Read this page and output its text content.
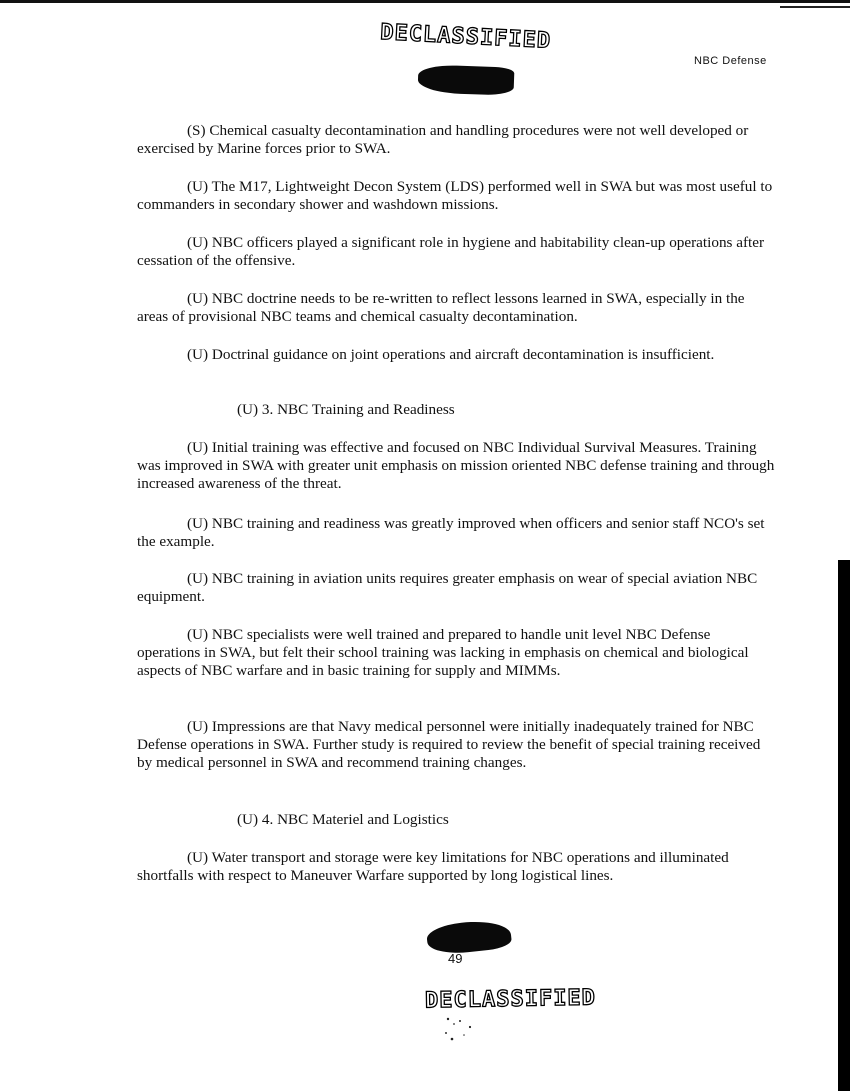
DECLASSIFIED
NBC Defense

(S) Chemical casualty decontamination and handling procedures were not well developed or exercised by Marine forces prior to SWA.

(U) The M17, Lightweight Decon System (LDS) performed well in SWA but was most useful to commanders in secondary shower and washdown missions.

(U) NBC officers played a significant role in hygiene and habitability clean-up operations after cessation of the offensive.

(U) NBC doctrine needs to be re-written to reflect lessons learned in SWA, especially in the areas of provisional NBC teams and chemical casualty decontamination.

(U) Doctrinal guidance on joint operations and aircraft decontamination is insufficient.

(U) 3. NBC Training and Readiness

(U) Initial training was effective and focused on NBC Individual Survival Measures. Training was improved in SWA with greater unit emphasis on mission oriented NBC defense training and through increased awareness of the threat.

(U) NBC training and readiness was greatly improved when officers and senior staff NCO's set the example.

(U) NBC training in aviation units requires greater emphasis on wear of special aviation NBC equipment.

(U) NBC specialists were well trained and prepared to handle unit level NBC Defense operations in SWA, but felt their school training was lacking in emphasis on chemical and biological aspects of NBC warfare and in basic training for supply and MIMMs.

(U) Impressions are that Navy medical personnel were initially inadequately trained for NBC Defense operations in SWA. Further study is required to review the benefit of special training received by medical personnel in SWA and recommend training changes.

(U) 4. NBC Materiel and Logistics

(U) Water transport and storage were key limitations for NBC operations and illuminated shortfalls with respect to Maneuver Warfare supported by long logistical lines.

49
DECLASSIFIED
